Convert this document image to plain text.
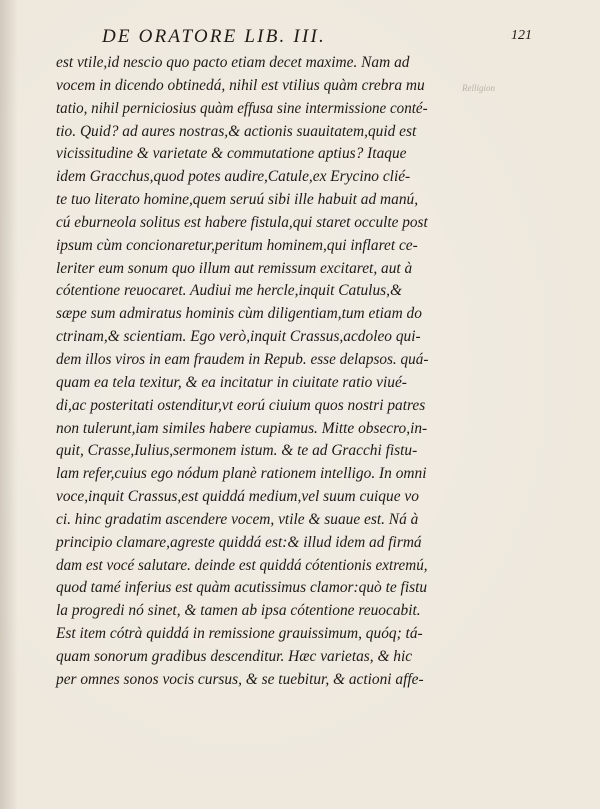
DE ORATORE LIB. III.	121
Relligion
est vtile,id nescio quo pacto etiam decet maxime. Nam ad
vocem in dicendo obtinedá, nihil est vtilius quàm crebra mu
tatio, nihil perniciosius quàm effusa sine intermissione conté-
tio. Quid? ad aures nostras,& actionis suauitatem,quid est
vicissitudine & varietate & commutatione aptius? Itaque
idem Gracchus,quod potes audire,Catule,ex Erycino clié-
te tuo literato homine,quem seruú sibi ille habuit ad manú,
cú eburneola solitus est habere fistula,qui staret occulte post
ipsum cùm concionaretur,peritum hominem,qui inflaret ce-
leriter eum sonum quo illum aut remissum excitaret, aut à
cótentione reuocaret. Audiui me hercle,inquit Catulus,&
sæpe sum admiratus hominis cùm diligentiam,tum etiam do
ctrinam,& scientiam. Ego verò,inquit Crassus,acdoleo qui-
dem illos viros in eam fraudem in Repub. esse delapsos. quá-
quam ea tela texitur, & ea incitatur in ciuitate ratio viué-
di,ac posteritati ostenditur,vt eorú ciuium quos nostri patres
non tulerunt,iam similes habere cupiamus. Mitte obsecro,in-
quit, Crasse,Iulius,sermonem istum. & te ad Gracchi fistu-
lam refer,cuius ego nódum planè rationem intelligo. In omni
voce,inquit Crassus,est quiddá medium,vel suum cuique vo
ci. hinc gradatim ascendere vocem, vtile & suaue est. Ná à
principio clamare,agreste quiddá est:& illud idem ad firmá
dam est vocé salutare. deinde est quiddá cótentionis extremú,
quod tamé inferius est quàm acutissimus clamor:quò te fistu
la progredi nó sinet, & tamen ab ipsa cótentione reuocabit.
Est item cótrà quiddá in remissione grauissimum, quóq; tá-
quam sonorum gradibus descenditur. Hæc varietas, & hic
per omnes sonos vocis cursus, & se tuebitur, & actioni affe-
